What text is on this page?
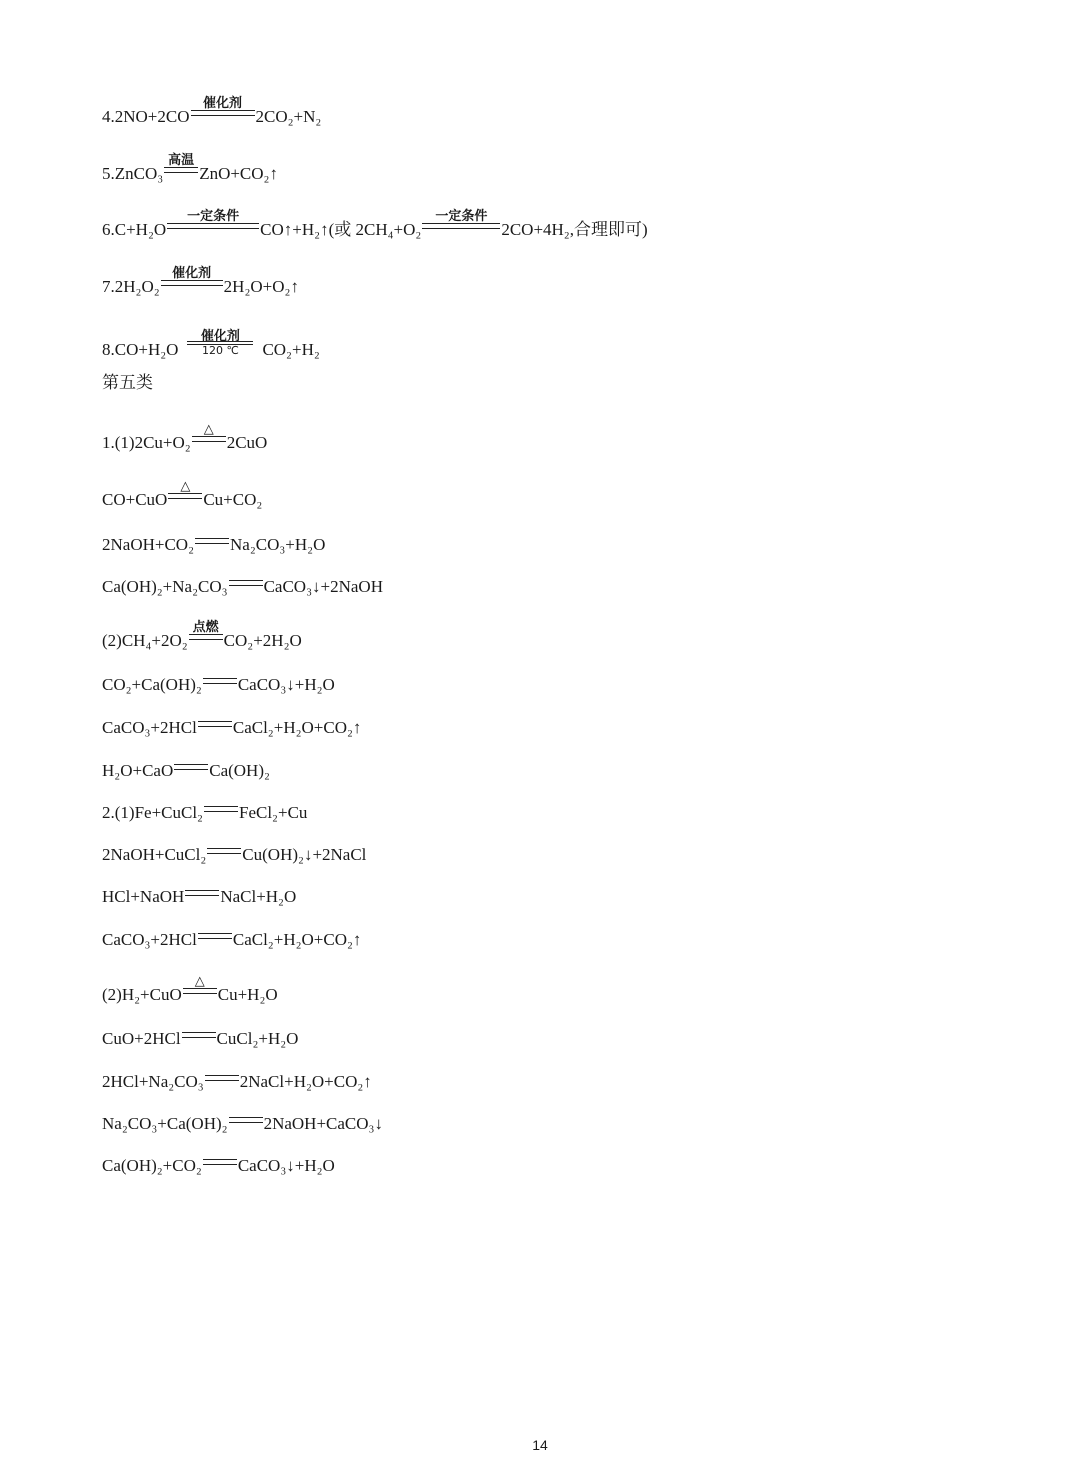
4.2NO+2CO
催化剂
2CO₂+N₂
5.ZnCO₃
高温
ZnO+CO₂↑
6.C+H₂O
一定条件
CO↑+H₂↑(或 2CH₄+O₂
一定条件
2CO+4H₂,合理即可)
7.2H₂O₂
催化剂
2H₂O+O₂↑
8.CO+H₂O
催化剂
120 ℃	CO₂+H₂
第五类
1.(1)2Cu+O₂
△
2CuO
CO+CuO
△
Cu+CO₂
2NaOH+CO₂ Na₂CO₃+H₂O
Ca(OH)₂+Na₂CO₃ CaCO₃↓+2NaOH
(2)CH₄+2O₂
点燃
CO₂+2H₂O
CO₂+Ca(OH)₂ CaCO₃↓+H₂O
CaCO₃+2HCl CaCl₂+H₂O+CO₂↑
H₂O+CaO Ca(OH)₂
2.(1)Fe+CuCl₂ FeCl₂+Cu
2NaOH+CuCl₂ Cu(OH)₂↓+2NaCl
HCl+NaOH NaCl+H₂O
CaCO₃+2HCl CaCl₂+H₂O+CO₂↑
(2)H₂+CuO
△
Cu+H₂O
CuO+2HCl CuCl₂+H₂O
2HCl+Na₂CO₃ 2NaCl+H₂O+CO₂↑
Na₂CO₃+Ca(OH)₂ 2NaOH+CaCO₃↓
Ca(OH)₂+CO₂ CaCO₃↓+H₂O
14
